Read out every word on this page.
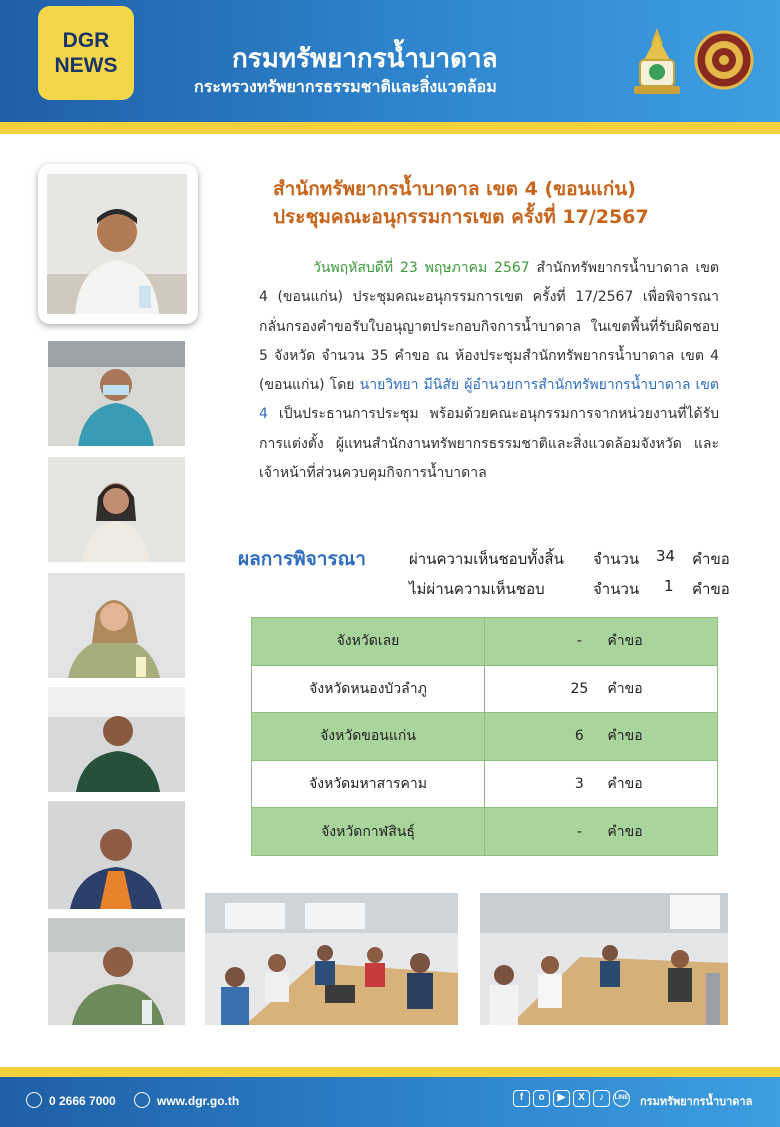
DGR
NEWS	กรมทรัพยากรน้ำบาดาล
กระทรวงทรัพยากรธรรมชาติและสิ่งแวดล้อม
สำนักทรัพยากรน้ำบาดาล เขต 4 (ขอนแก่น)
ประชุมคณะอนุกรรมการเขต ครั้งที่ 17/2567

วันพฤหัสบดีที่ 23 พฤษภาคม 2567 สำนักทรัพยากรน้ำบาดาล เขต 4 (ขอนแก่น) ประชุมคณะอนุกรรมการเขต ครั้งที่ 17/2567 เพื่อพิจารณากลั่นกรองคำขอรับใบอนุญาตประกอบกิจการน้ำบาดาล ในเขตพื้นที่รับผิดชอบ 5 จังหวัด จำนวน 35 คำขอ ณ ห้องประชุมสำนักทรัพยากรน้ำบาดาล เขต 4 (ขอนแก่น) โดย นายวิทยา มีนิสัย ผู้อำนวยการสำนักทรัพยากรน้ำบาดาล เขต 4 เป็นประธานการประชุม พร้อมด้วยคณะอนุกรรมการจากหน่วยงานที่ได้รับการแต่งตั้ง ผู้แทนสำนักงานทรัพยากรธรรมชาติและสิ่งแวดล้อมจังหวัด และเจ้าหน้าที่ส่วนควบคุมกิจการน้ำบาดาล

ผลการพิจารณา	ผ่านความเห็นชอบทั้งสิ้น จำนวน 34 คำขอ
ไม่ผ่านความเห็นชอบ	จำนวน 1 คำขอ
จังหวัดเลย	- คำขอ
จังหวัดหนองบัวลำภู	25 คำขอ
จังหวัดขอนแก่น	6 คำขอ
จังหวัดมหาสารคาม	3 คำขอ
จังหวัดกาฬสินธุ์	- คำขอ
0 2666 7000	www.dgr.go.th	f	o	▶	X	♪	LINE กรมทรัพยากรน้ำบาดาล
